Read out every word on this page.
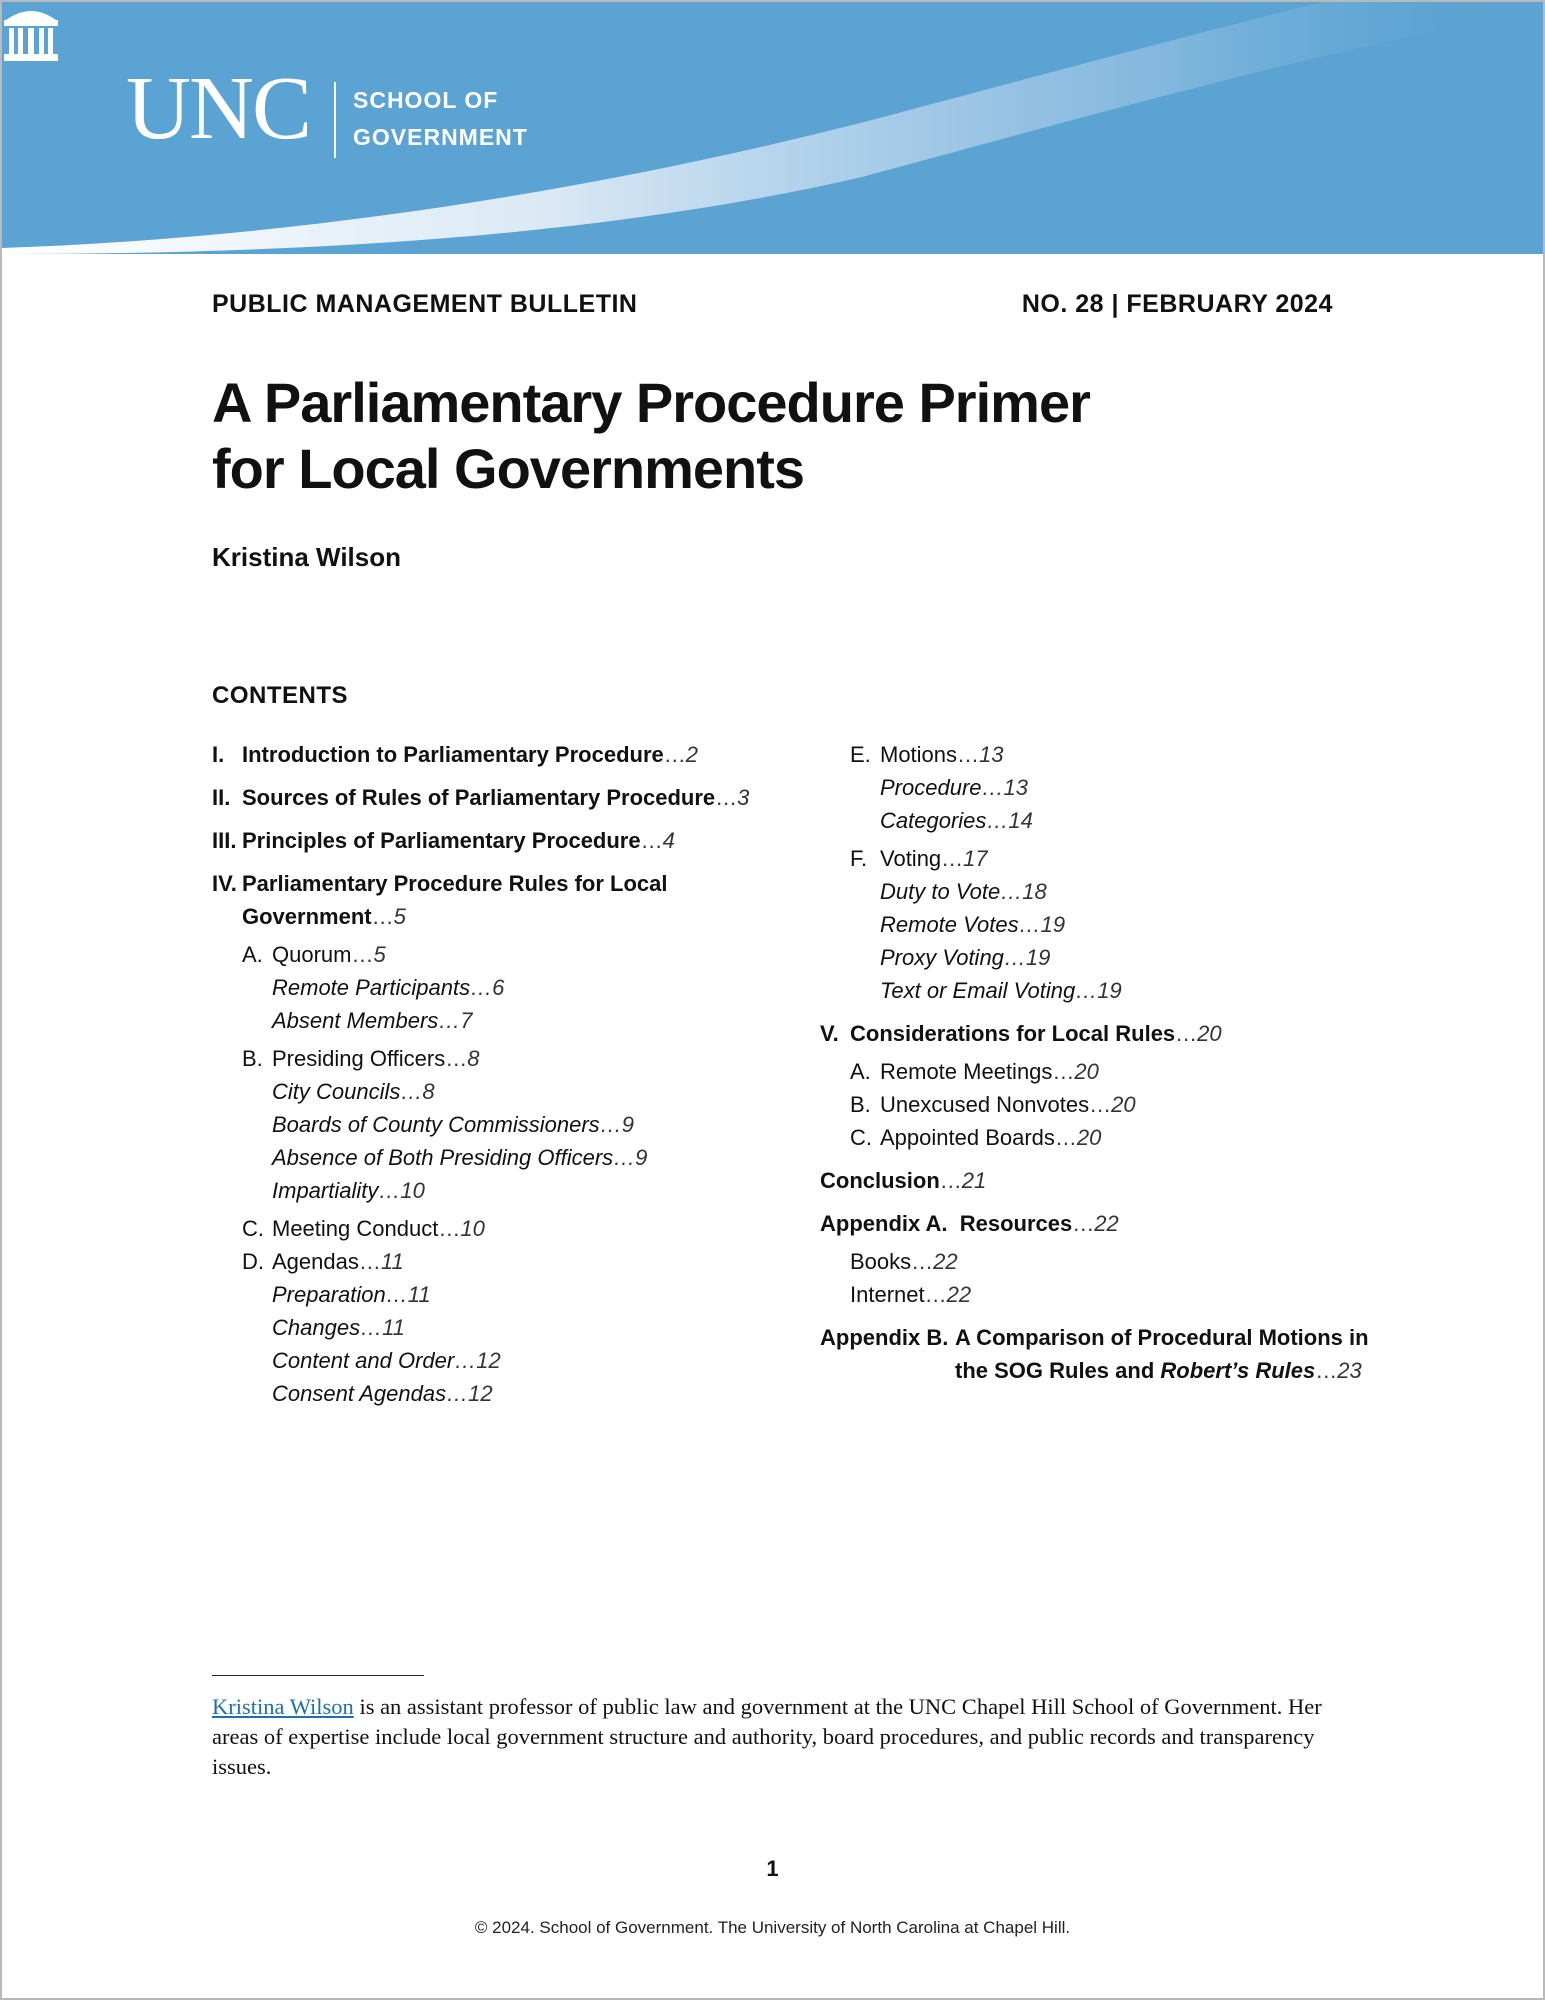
UNC SCHOOL OF
GOVERNMENT
PUBLIC MANAGEMENT BULLETIN	NO. 28 | FEBRUARY 2024
A Parliamentary Procedure Primer
for Local Governments
Kristina Wilson
CONTENTS
I. Introduction to Parliamentary Procedure…2
II. Sources of Rules of Parliamentary Procedure…3
III. Principles of Parliamentary Procedure…4
IV. Parliamentary Procedure Rules for Local
Government…5
A. Quorum…5
Remote Participants…6
Absent Members…7
B. Presiding Officers…8
City Councils…8
Boards of County Commissioners…9
Absence of Both Presiding Officers…9
Impartiality…10
C. Meeting Conduct…10
D. Agendas…11
Preparation…11
Changes…11
Content and Order…12
Consent Agendas…12
E. Motions…13
Procedure…13
Categories…14
F. Voting…17
Duty to Vote…18
Remote Votes…19
Proxy Voting…19
Text or Email Voting…19
V. Considerations for Local Rules…20
A. Remote Meetings…20
B. Unexcused Nonvotes…20
C. Appointed Boards…20
Conclusion…21
Appendix A.  Resources…22
Books…22
Internet…22
Appendix B. A Comparison of Procedural Motions in
the SOG Rules and Robert’s Rules…23

Kristina Wilson is an assistant professor of public law and government at the UNC Chapel Hill School of Government. Her areas of expertise include local government structure and authority, board procedures, and public records and transparency issues.

1
© 2024. School of Government. The University of North Carolina at Chapel Hill.
